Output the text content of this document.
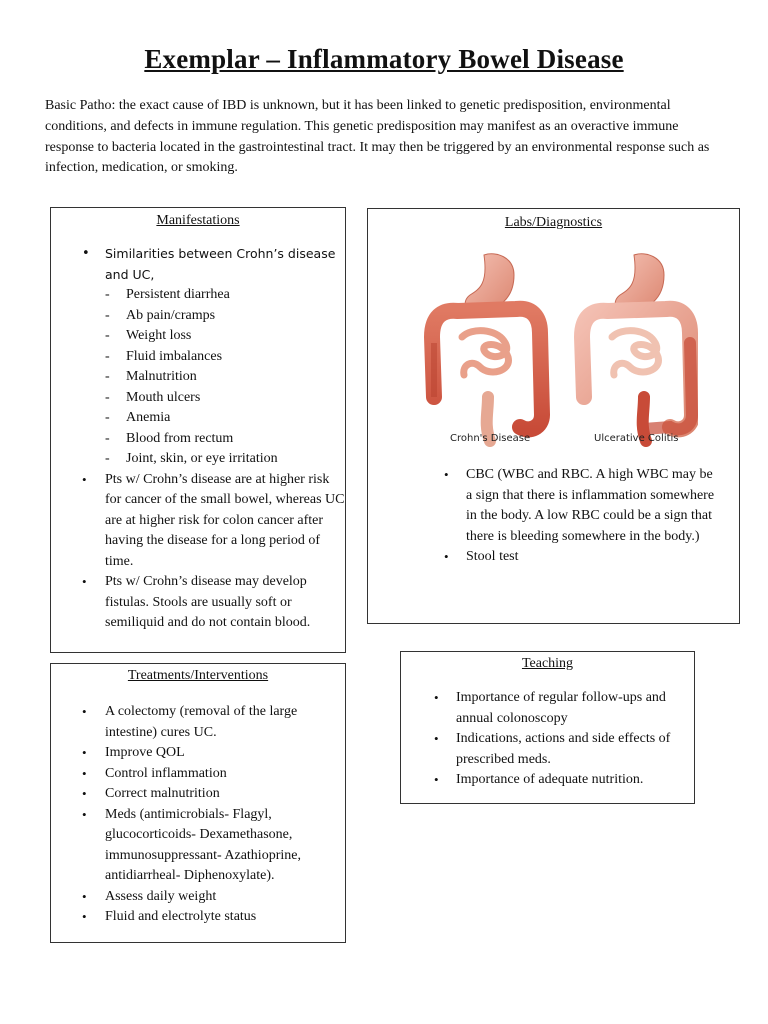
Exemplar – Inflammatory Bowel Disease
Basic Patho: the exact cause of IBD is unknown, but it has been linked to genetic predisposition, environmental conditions, and defects in immune regulation. This genetic predisposition may manifest as an overactive immune response to bacteria located in the gastrointestinal tract. It may then be triggered by an environmental response such as infection, medication, or smoking.
Manifestations
• Similarities between Crohn’s disease and UC,
- Persistent diarrhea
- Ab pain/cramps
- Weight loss
- Fluid imbalances
- Malnutrition
- Mouth ulcers
- Anemia
- Blood from rectum
- Joint, skin, or eye irritation
• Pts w/ Crohn’s disease are at higher risk for cancer of the small bowel, whereas UC are at higher risk for colon cancer after having the disease for a long period of time.
• Pts w/ Crohn’s disease may develop fistulas. Stools are usually soft or semiliquid and do not contain blood.
Labs/Diagnostics
Crohn's Disease	Ulcerative Colitis
• CBC (WBC and RBC. A high WBC may be a sign that there is inflammation somewhere in the body. A low RBC could be a sign that there is bleeding somewhere in the body.)
• Stool test
Treatments/Interventions
• A colectomy (removal of the large intestine) cures UC.
• Improve QOL
• Control inflammation
• Correct malnutrition
• Meds (antimicrobials- Flagyl, glucocorticoids- Dexamethasone, immunosuppressant- Azathioprine, antidiarrheal- Diphenoxylate).
• Assess daily weight
• Fluid and electrolyte status
Teaching
• Importance of regular follow-ups and annual colonoscopy
• Indications, actions and side effects of prescribed meds.
• Importance of adequate nutrition.
